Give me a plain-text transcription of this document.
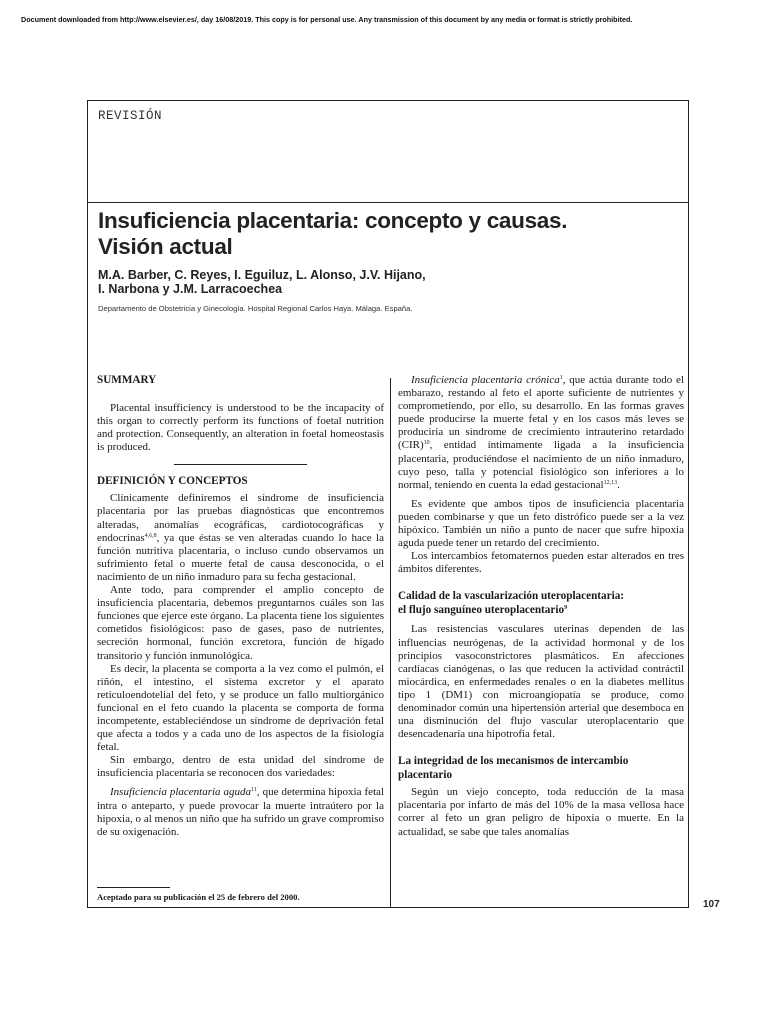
Document downloaded from http://www.elsevier.es/, day 16/08/2019. This copy is for personal use. Any transmission of this document by any media or format is strictly prohibited.
REVISIÓN
Insuficiencia placentaria: concepto y causas.
Visión actual

M.A. Barber, C. Reyes, I. Eguiluz, L. Alonso, J.V. Hijano,
I. Narbona y J.M. Larracoechea

Departamento de Obstetricia y Ginecología. Hospital Regional Carlos Haya. Málaga. España.
SUMMARY

Placental insufficiency is understood to be the incapacity of this organ to correctly perform its functions of foetal nutrition and protection. Consequently, an alteration in foetal homeostasis is produced.

DEFINICIÓN Y CONCEPTOS

Clínicamente definiremos el síndrome de insuficiencia placentaria por las pruebas diagnósticas que encontremos alteradas, anomalías ecográficas, cardiotocográficas y endocrinas$^{4,6,8}$, ya que éstas se ven alteradas cuando lo hace la función nutritiva placentaria, o incluso cundo observamos un sufrimiento fetal o muerte fetal de causa desconocida, o el nacimiento de un niño inmaduro para su fecha gestacional.

Ante todo, para comprender el amplio concepto de insuficiencia placentaria, debemos preguntarnos cuáles son las funciones que ejerce este órgano. La placenta tiene los siguientes cometidos fisiológicos: paso de gases, paso de nutrientes, secreción hormonal, función excretora, función de hígado transitorio y función inmunológica.

Es decir, la placenta se comporta a la vez como el pulmón, el riñón, el intestino, el sistema excretor y el aparato reticuloendotelial del feto, y se produce un fallo multiorgánico funcional en el feto cuando la placenta se comporta de forma incompetente, estableciéndose un síndrome de deprivación fetal que afecta a todos y a cada uno de los aspectos de la fisiología fetal.

Sin embargo, dentro de esta unidad del síndrome de insuficiencia placentaria se reconocen dos variedades:

Insuficiencia placentaria aguda$^{11}$, que determina hipoxia fetal intra o anteparto, y puede provocar la muerte intraútero por la hipoxia, o al menos un niño que ha sufrido un grave compromiso de su oxigenación.

Aceptado para su publicación el 25 de febrero del 2000.

Insuficiencia placentaria crónica$^1$, que actúa durante todo el embarazo, restando al feto el aporte suficiente de nutrientes y comprometiendo, por ello, su desarrollo. En las formas graves puede producirse la muerte fetal y en los casos más leves se produciría un síndrome de crecimiento intrauterino retardado (CIR)$^{10}$, entidad íntimamente ligada a la insuficiencia placentaria, produciéndose el nacimiento de un niño inmaduro, cuyo peso, talla y potencial fisiológico son inferiores a lo normal, teniendo en cuenta la edad gestacional$^{12,13}$.

Es evidente que ambos tipos de insuficiencia placentaria pueden combinarse y que un feto distrófico puede ser a la vez hipóxico. También un niño a punto de nacer que sufre hipoxia aguda puede tener un retardo del crecimiento.

Los intercambios fetomaternos pueden estar alterados en tres ámbitos diferentes.

Calidad de la vascularización uteroplacentaria:
el flujo sanguíneo uteroplacentario$^9$

Las resistencias vasculares uterinas dependen de las influencias neurógenas, de la actividad hormonal y de los principios vasoconstrictores plasmáticos. En afecciones cardíacas cianógenas, o las que reducen la actividad contráctil miocárdica, en enfermedades renales o en la diabetes mellitus tipo 1 (DM1) con microangiopatía se produce, como denominador común una hipertensión arterial que desemboca en una disminución del flujo vascular uteroplacentario que desencadenaría una hipotrofia fetal.

La integridad de los mecanismos de intercambio placentario

Según un viejo concepto, toda reducción de la masa placentaria por infarto de más del 10% de la masa vellosa hace correr al feto un gran peligro de hipoxia o muerte. En la actualidad, se sabe que tales anomalías

107
